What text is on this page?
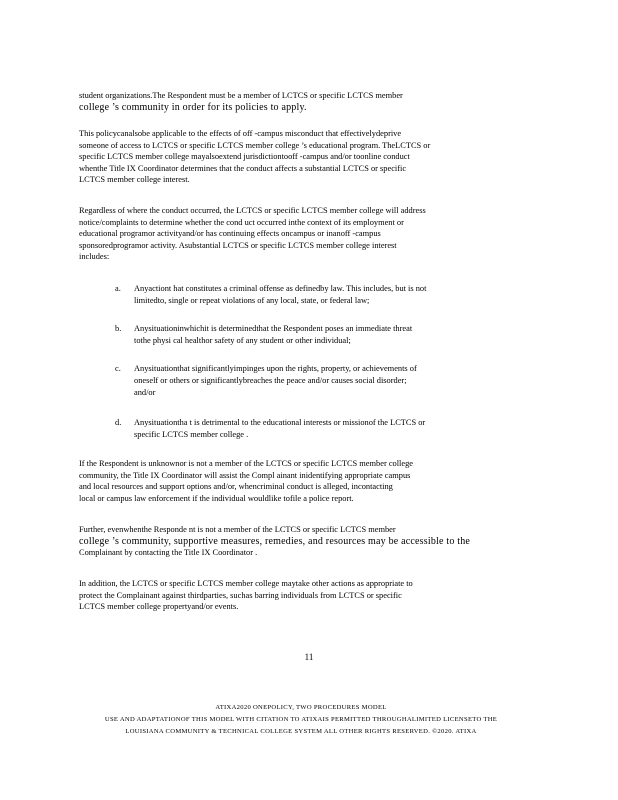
student organizations.The Respondent must be a member of LCTCS or specific LCTCS member
college ’s community in order for its policies to apply.
This policycanalsobe applicable to the effects of off -campus misconduct that effectivelydeprive
someone of access to LCTCS or specific LCTCS member college ’s educational program. TheLCTCS or
specific LCTCS member college mayalsoextend jurisdictiontooff -campus and/or toonline conduct
whenthe Title IX Coordinator determines that the conduct affects a substantial LCTCS or specific
LCTCS member college interest.
Regardless of where the conduct occurred, the LCTCS or specific LCTCS member college will address
notice/complaints to determine whether the cond uct occurred inthe context of its employment or
educational programor activityand/or has continuing effects oncampus or inanoff -campus
sponsoredprogramor activity. Asubstantial LCTCS or specific LCTCS member college interest
includes:
a. Anyactiont hat constitutes a criminal offense as definedby law. This includes, but is not
limitedto, single or repeat violations of any local, state, or federal law;
b. Anysituationinwhichit is determinedthat the Respondent poses an immediate threat
tothe physi cal healthor safety of any student or other individual;
c. Anysituationthat significantlyimpinges upon the rights, property, or achievements of
oneself or others or significantlybreaches the peace and/or causes social disorder;
and/or
d. Anysituationtha t is detrimental to the educational interests or missionof the LCTCS or
specific LCTCS member college .
If the Respondent is unknownor is not a member of the LCTCS or specific LCTCS member college
community, the Title IX Coordinator will assist the Compl ainant inidentifying appropriate campus
and local resources and support options and/or, whencriminal conduct is alleged, incontacting
local or campus law enforcement if the individual wouldlike tofile a police report.
Further, evenwhenthe Responde nt is not a member of the LCTCS or specific LCTCS member
college ’s community, supportive measures, remedies, and resources may be accessible to the
Complainant by contacting the Title IX Coordinator .
In addition, the LCTCS or specific LCTCS member college maytake other actions as appropriate to
protect the Complainant against thirdparties, suchas barring individuals from LCTCS or specific
LCTCS member college propertyand/or events.
11
ATIXA2020 ONEPOLICY, TWO PROCEDURES MODEL
USE AND ADAPTATIONOF THIS MODEL WITH CITATION TO ATIXAIS PERMITTED THROUGHALIMITED LICENSETO THE
LOUISIANA COMMUNITY & TECHNICAL COLLEGE SYSTEM ALL OTHER RIGHTS RESERVED. ©2020. ATIXA
